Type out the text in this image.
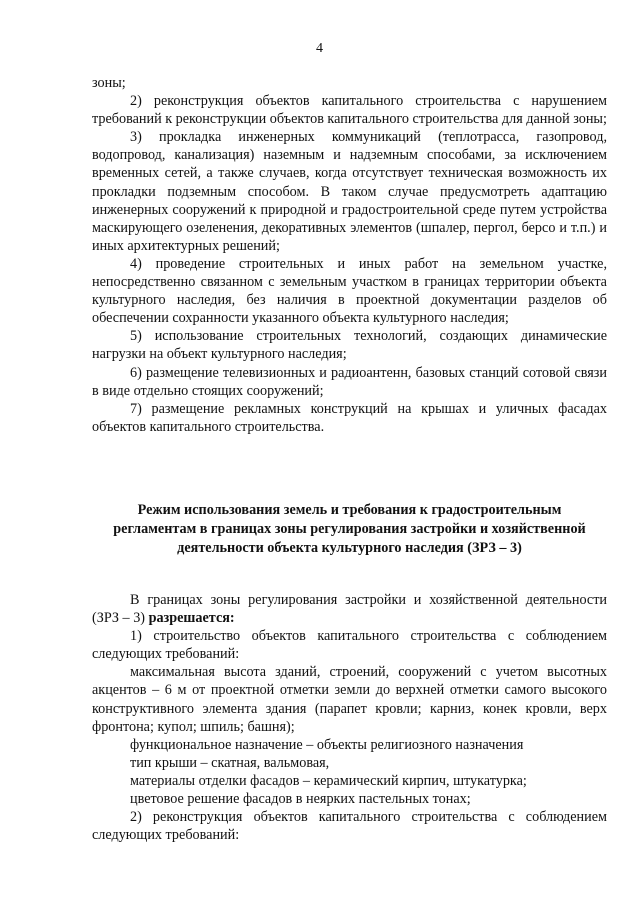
4

зоны;

2) реконструкция объектов капитального строительства с нарушением требований к реконструкции объектов капитального строительства для данной зоны;

3) прокладка инженерных коммуникаций (теплотрасса, газопровод, водопровод, канализация) наземным и надземным способами, за исключением временных сетей, а также случаев, когда отсутствует техническая возможность их прокладки подземным способом. В таком случае предусмотреть адаптацию инженерных сооружений к природной и градостроительной среде путем устройства маскирующего озеленения, декоративных элементов (шпалер, пергол, берсо и т.п.) и иных архитектурных решений;

4) проведение строительных и иных работ на земельном участке, непосредственно связанном с земельным участком в границах территории объекта культурного наследия, без наличия в проектной документации разделов об обеспечении сохранности указанного объекта культурного наследия;

5) использование строительных технологий, создающих динамические нагрузки на объект культурного наследия;

6) размещение телевизионных и радиоантенн, базовых станций сотовой связи в виде отдельно стоящих сооружений;

7) размещение рекламных конструкций на крышах и уличных фасадах объектов капитального строительства.

Режим использования земель и требования к градостроительным
регламентам в границах зоны регулирования застройки и хозяйственной
деятельности объекта культурного наследия (ЗРЗ – 3)

В границах зоны регулирования застройки и хозяйственной деятельности (ЗРЗ – 3) разрешается:

1) строительство объектов капитального строительства с соблюдением следующих требований:

максимальная высота зданий, строений, сооружений с учетом высотных акцентов – 6 м от проектной отметки земли до верхней отметки самого высокого конструктивного элемента здания (парапет кровли; карниз, конек кровли, верх фронтона; купол; шпиль; башня);

функциональное назначение – объекты религиозного назначения

тип крыши – скатная, вальмовая,

материалы отделки фасадов – керамический кирпич, штукатурка;

цветовое решение фасадов в неярких пастельных тонах;

2) реконструкция объектов капитального строительства с соблюдением следующих требований:
